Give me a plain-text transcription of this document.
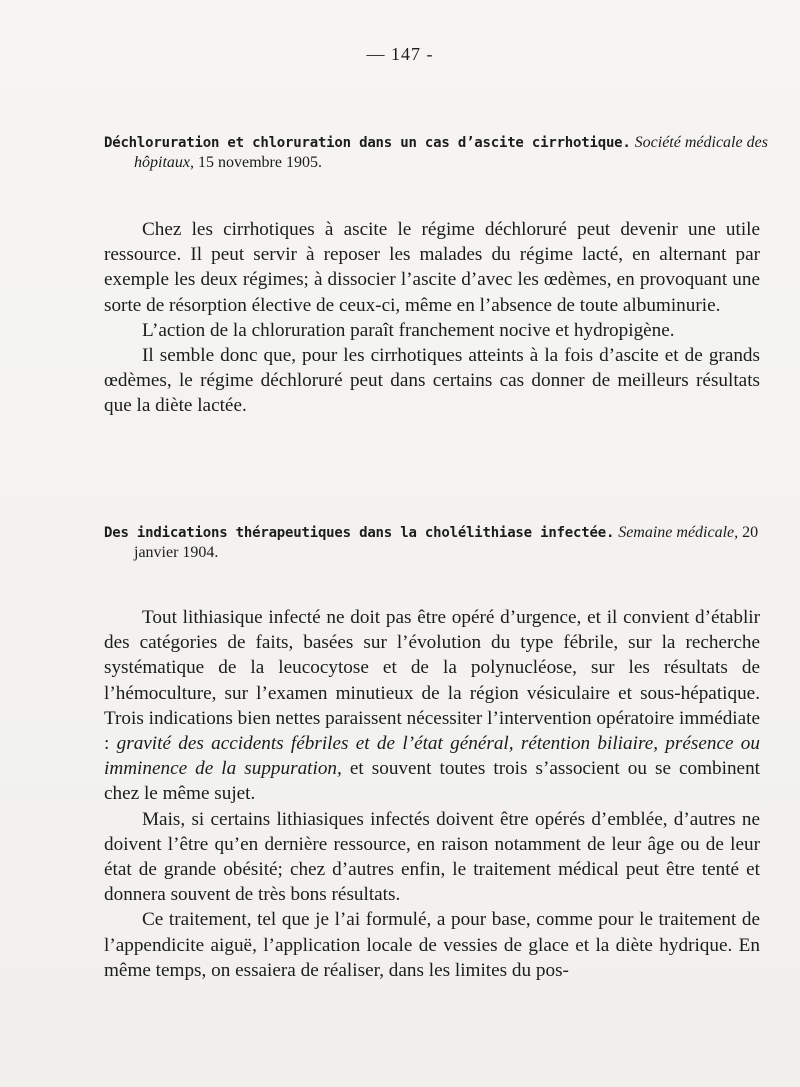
— 147 -
Déchloruration et chloruration dans un cas d’ascite cirrhotique. Société médicale des hôpitaux, 15 novembre 1905.

Chez les cirrhotiques à ascite le régime déchloruré peut devenir une utile ressource. Il peut servir à reposer les malades du régime lacté, en alternant par exemple les deux régimes; à dissocier l’ascite d’avec les œdèmes, en provoquant une sorte de résorption élective de ceux-ci, même en l’absence de toute albuminurie.

L’action de la chloruration paraît franchement nocive et hydropigène.

Il semble donc que, pour les cirrhotiques atteints à la fois d’ascite et de grands œdèmes, le régime déchloruré peut dans certains cas donner de meilleurs résultats que la diète lactée.

Des indications thérapeutiques dans la cholélithiase infectée. Semaine médicale, 20 janvier 1904.

Tout lithiasique infecté ne doit pas être opéré d’urgence, et il convient d’établir des catégories de faits, basées sur l’évolution du type fébrile, sur la recherche systématique de la leucocytose et de la polynucléose, sur les résultats de l’hémoculture, sur l’examen minutieux de la région vésiculaire et sous-hépatique. Trois indications bien nettes paraissent nécessiter l’intervention opératoire immédiate : gravité des accidents fébriles et de l’état général, rétention biliaire, présence ou imminence de la suppuration, et souvent toutes trois s’associent ou se combinent chez le même sujet.

Mais, si certains lithiasiques infectés doivent être opérés d’emblée, d’autres ne doivent l’être qu’en dernière ressource, en raison notamment de leur âge ou de leur état de grande obésité; chez d’autres enfin, le traitement médical peut être tenté et donnera souvent de très bons résultats.

Ce traitement, tel que je l’ai formulé, a pour base, comme pour le traitement de l’appendicite aiguë, l’application locale de vessies de glace et la diète hydrique. En même temps, on essaiera de réaliser, dans les limites du pos-
